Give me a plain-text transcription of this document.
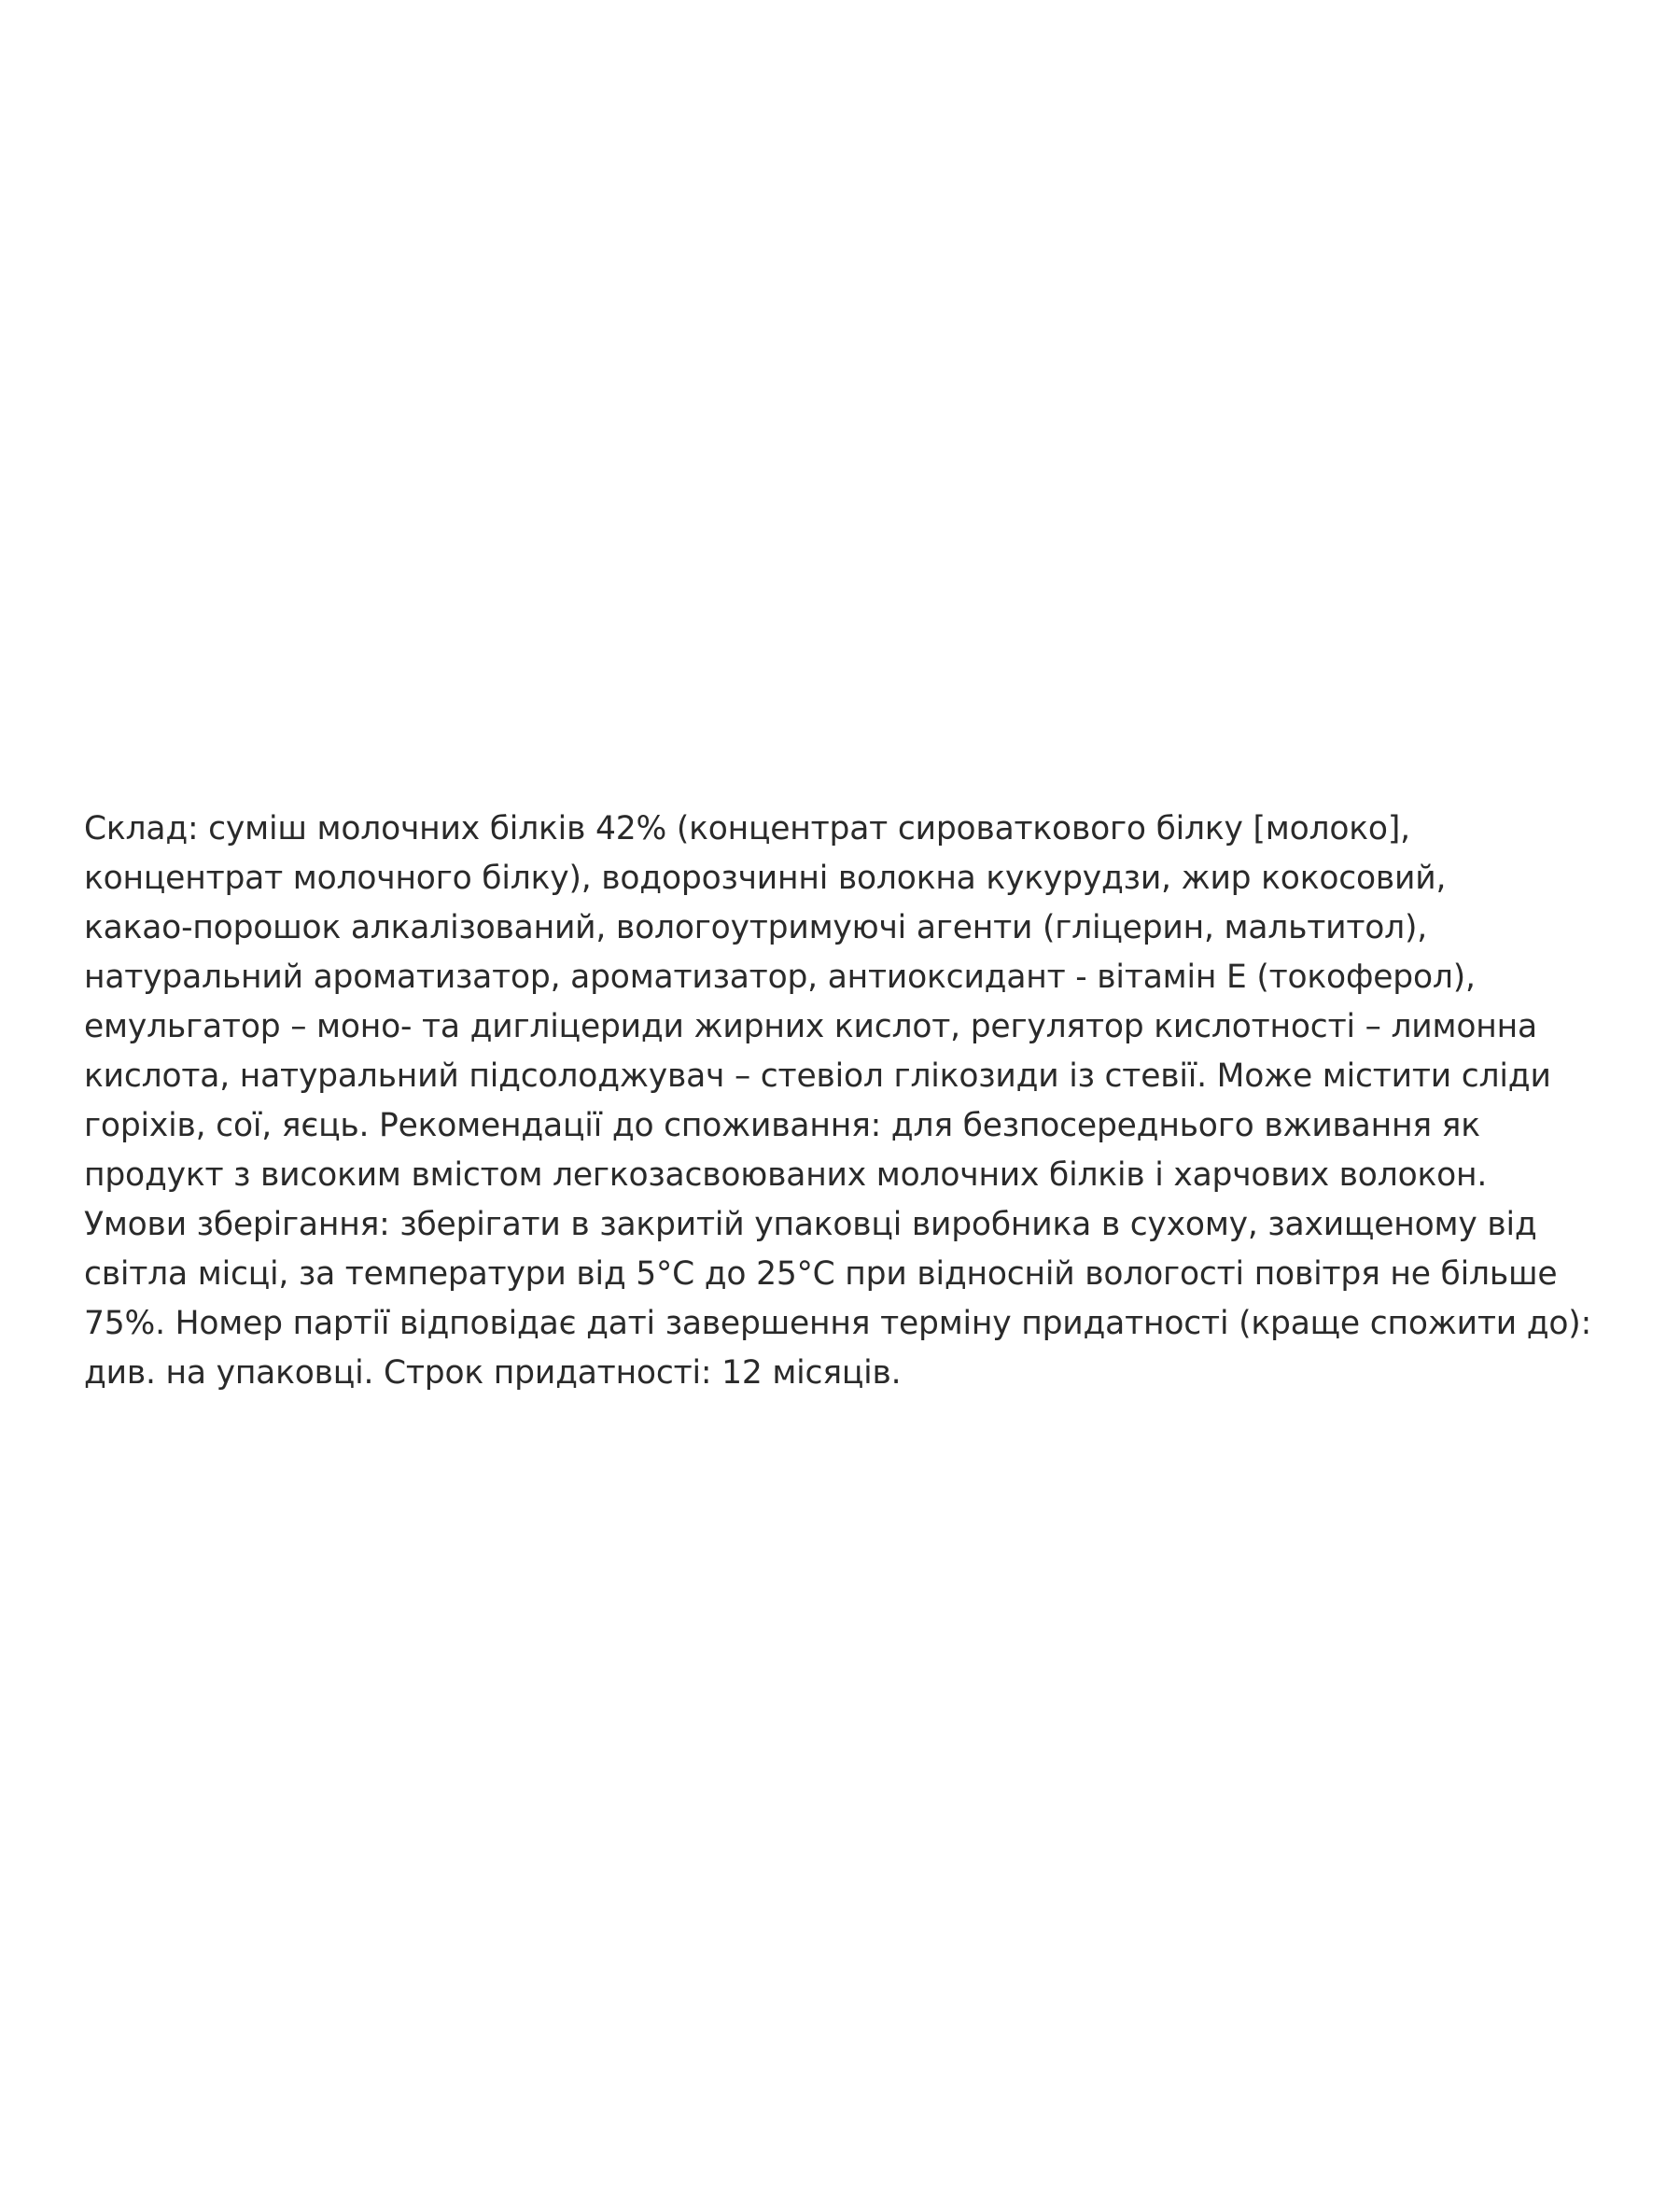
Склад: суміш молочних білків 42% (концентрат сироваткового білку [молоко],
концентрат молочного білку), водорозчинні волокна кукурудзи, жир кокосовий,
какао-порошок алкалізований, вологоутримуючі агенти (гліцерин, мальтитол),
натуральний ароматизатор, ароматизатор, антиоксидант - вітамін Е (токоферол),
емульгатор – моно- та дигліцериди жирних кислот, регулятор кислотності – лимонна
кислота, натуральний підсолоджувач – стевіол глікозиди із стевії. Може містити сліди
горіхів, сої, яєць. Рекомендації до споживання: для безпосереднього вживання як
продукт з високим вмістом легкозасвоюваних молочних білків і харчових волокон.
Умови зберігання: зберігати в закритій упаковці виробника в сухому, захищеному від
світла місці, за температури від 5°С до 25°С при відносній вологості повітря не більше
75%. Номер партії відповідає даті завершення терміну придатності (краще спожити до):
див. на упаковці. Строк придатності: 12 місяців.
